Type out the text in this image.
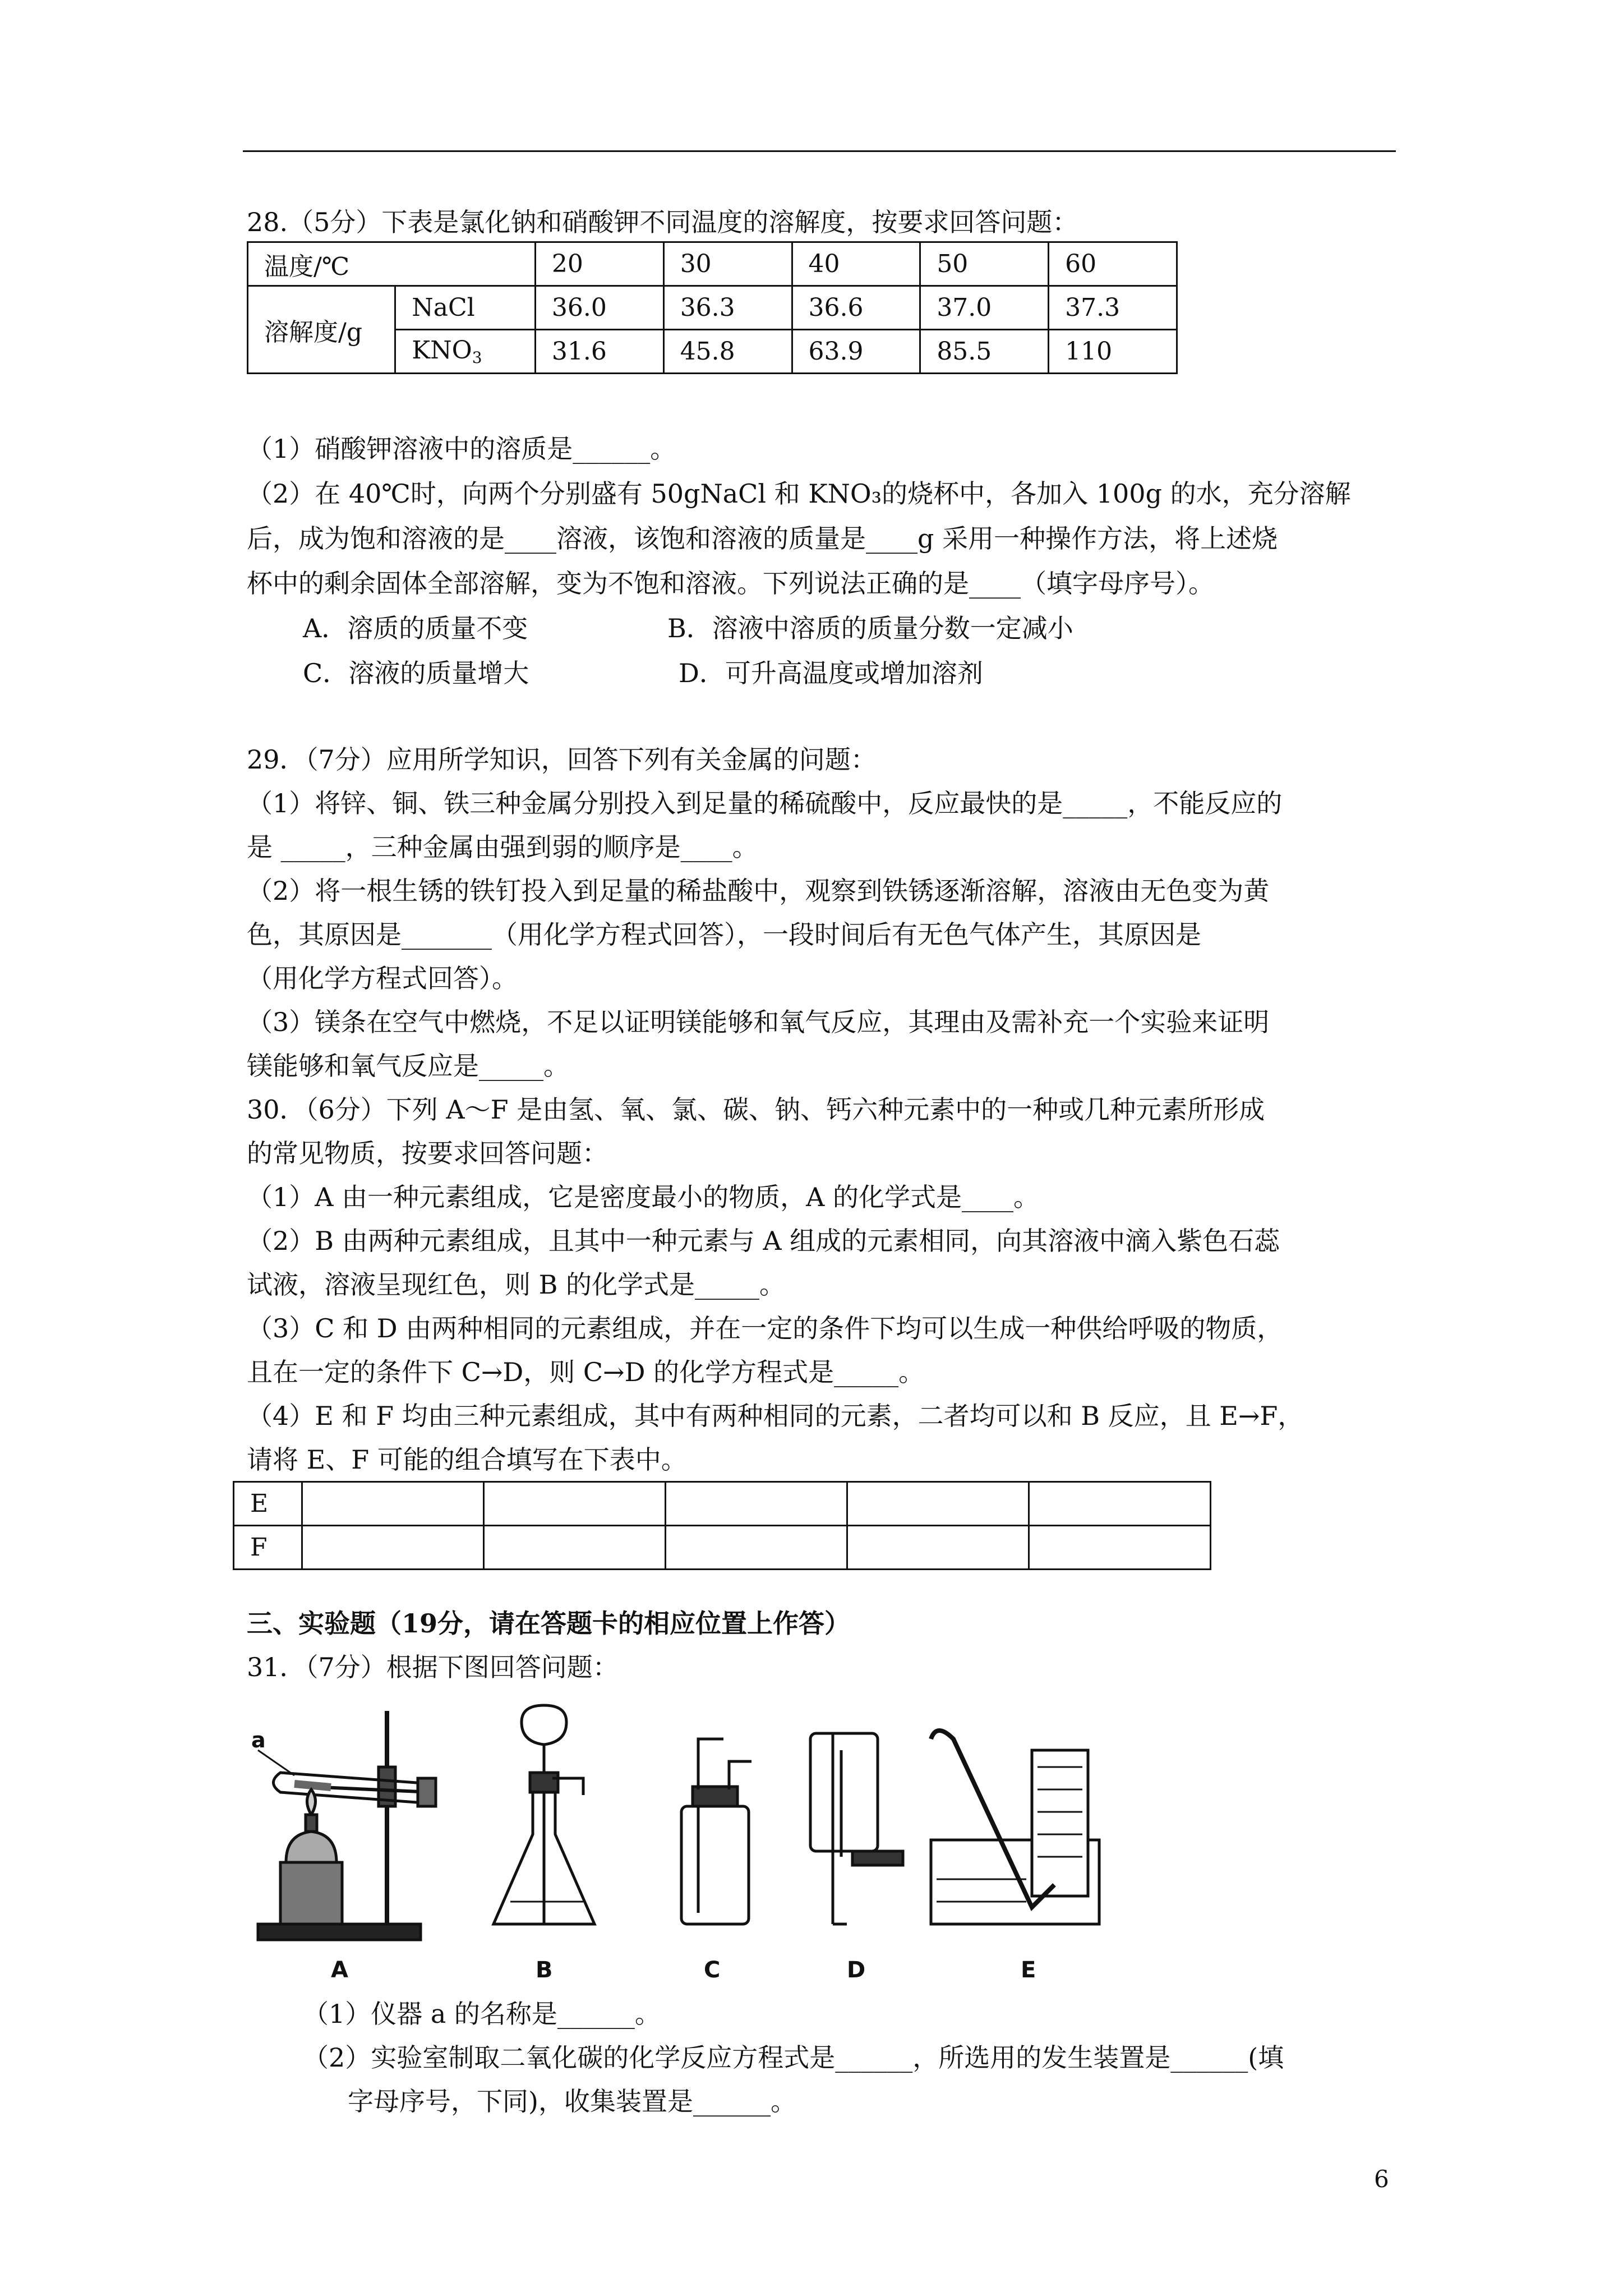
28.（5分）下表是氯化钠和硝酸钾不同温度的溶解度，按要求回答问题：
温度/℃		20	30	40	50	60
溶解度/g	NaCl	36.0	36.3	36.6	37.0	37.3
	$KNO_3$	31.6	45.8	63.9	85.5	110
（1）硝酸钾溶液中的溶质是______。
（2）在 40℃时，向两个分别盛有 50gNaCl 和 KNO₃的烧杯中，各加入 100g 的水，充分溶解
后，成为饱和溶液的是____溶液，该饱和溶液的质量是____g 采用一种操作方法，将上述烧
杯中的剩余固体全部溶解，变为不饱和溶液。下列说法正确的是____（填字母序号）。
A．溶质的质量不变	B．溶液中溶质的质量分数一定减小
C．溶液的质量增大	D．可升高温度或增加溶剂
29．（7分）应用所学知识，回答下列有关金属的问题：
（1）将锌、铜、铁三种金属分别投入到足量的稀硫酸中，反应最快的是_____，不能反应的
是 _____，三种金属由强到弱的顺序是____。
（2）将一根生锈的铁钉投入到足量的稀盐酸中，观察到铁锈逐渐溶解，溶液由无色变为黄
色，其原因是_______（用化学方程式回答），一段时间后有无色气体产生，其原因是
（用化学方程式回答）。
（3）镁条在空气中燃烧，不足以证明镁能够和氧气反应，其理由及需补充一个实验来证明
镁能够和氧气反应是_____。
30．（6分）下列 A～F 是由氢、氧、氯、碳、钠、钙六种元素中的一种或几种元素所形成
的常见物质，按要求回答问题：
（1）A 由一种元素组成，它是密度最小的物质，A 的化学式是____。
（2）B 由两种元素组成，且其中一种元素与 A 组成的元素相同，向其溶液中滴入紫色石蕊
试液，溶液呈现红色，则 B 的化学式是_____。
（3）C 和 D 由两种相同的元素组成，并在一定的条件下均可以生成一种供给呼吸的物质，
且在一定的条件下 C→D，则 C→D 的化学方程式是_____。
（4）E 和 F 均由三种元素组成，其中有两种相同的元素，二者均可以和 B 反应，且 E→F，
请将 E、F 可能的组合填写在下表中。
E					
F					
三、实验题（19分，请在答题卡的相应位置上作答）
31．（7分）根据下图回答问题：
a
A	B	C	D	E
（1）仪器 a 的名称是______。
（2）实验室制取二氧化碳的化学反应方程式是______，所选用的发生装置是______(填
字母序号，下同)，收集装置是______。
6
